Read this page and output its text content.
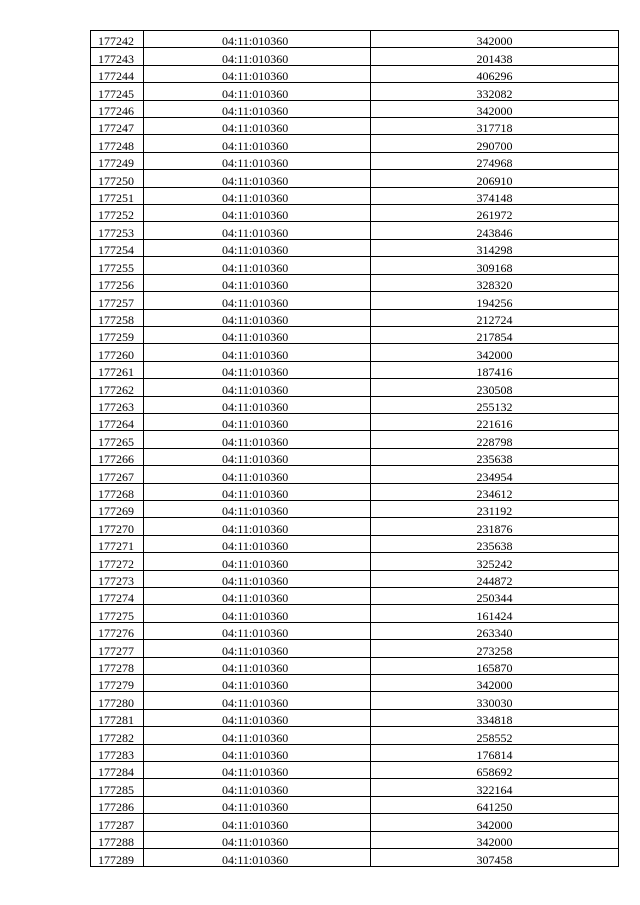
177242	04:11:010360	342000
177243	04:11:010360	201438
177244	04:11:010360	406296
177245	04:11:010360	332082
177246	04:11:010360	342000
177247	04:11:010360	317718
177248	04:11:010360	290700
177249	04:11:010360	274968
177250	04:11:010360	206910
177251	04:11:010360	374148
177252	04:11:010360	261972
177253	04:11:010360	243846
177254	04:11:010360	314298
177255	04:11:010360	309168
177256	04:11:010360	328320
177257	04:11:010360	194256
177258	04:11:010360	212724
177259	04:11:010360	217854
177260	04:11:010360	342000
177261	04:11:010360	187416
177262	04:11:010360	230508
177263	04:11:010360	255132
177264	04:11:010360	221616
177265	04:11:010360	228798
177266	04:11:010360	235638
177267	04:11:010360	234954
177268	04:11:010360	234612
177269	04:11:010360	231192
177270	04:11:010360	231876
177271	04:11:010360	235638
177272	04:11:010360	325242
177273	04:11:010360	244872
177274	04:11:010360	250344
177275	04:11:010360	161424
177276	04:11:010360	263340
177277	04:11:010360	273258
177278	04:11:010360	165870
177279	04:11:010360	342000
177280	04:11:010360	330030
177281	04:11:010360	334818
177282	04:11:010360	258552
177283	04:11:010360	176814
177284	04:11:010360	658692
177285	04:11:010360	322164
177286	04:11:010360	641250
177287	04:11:010360	342000
177288	04:11:010360	342000
177289	04:11:010360	307458
